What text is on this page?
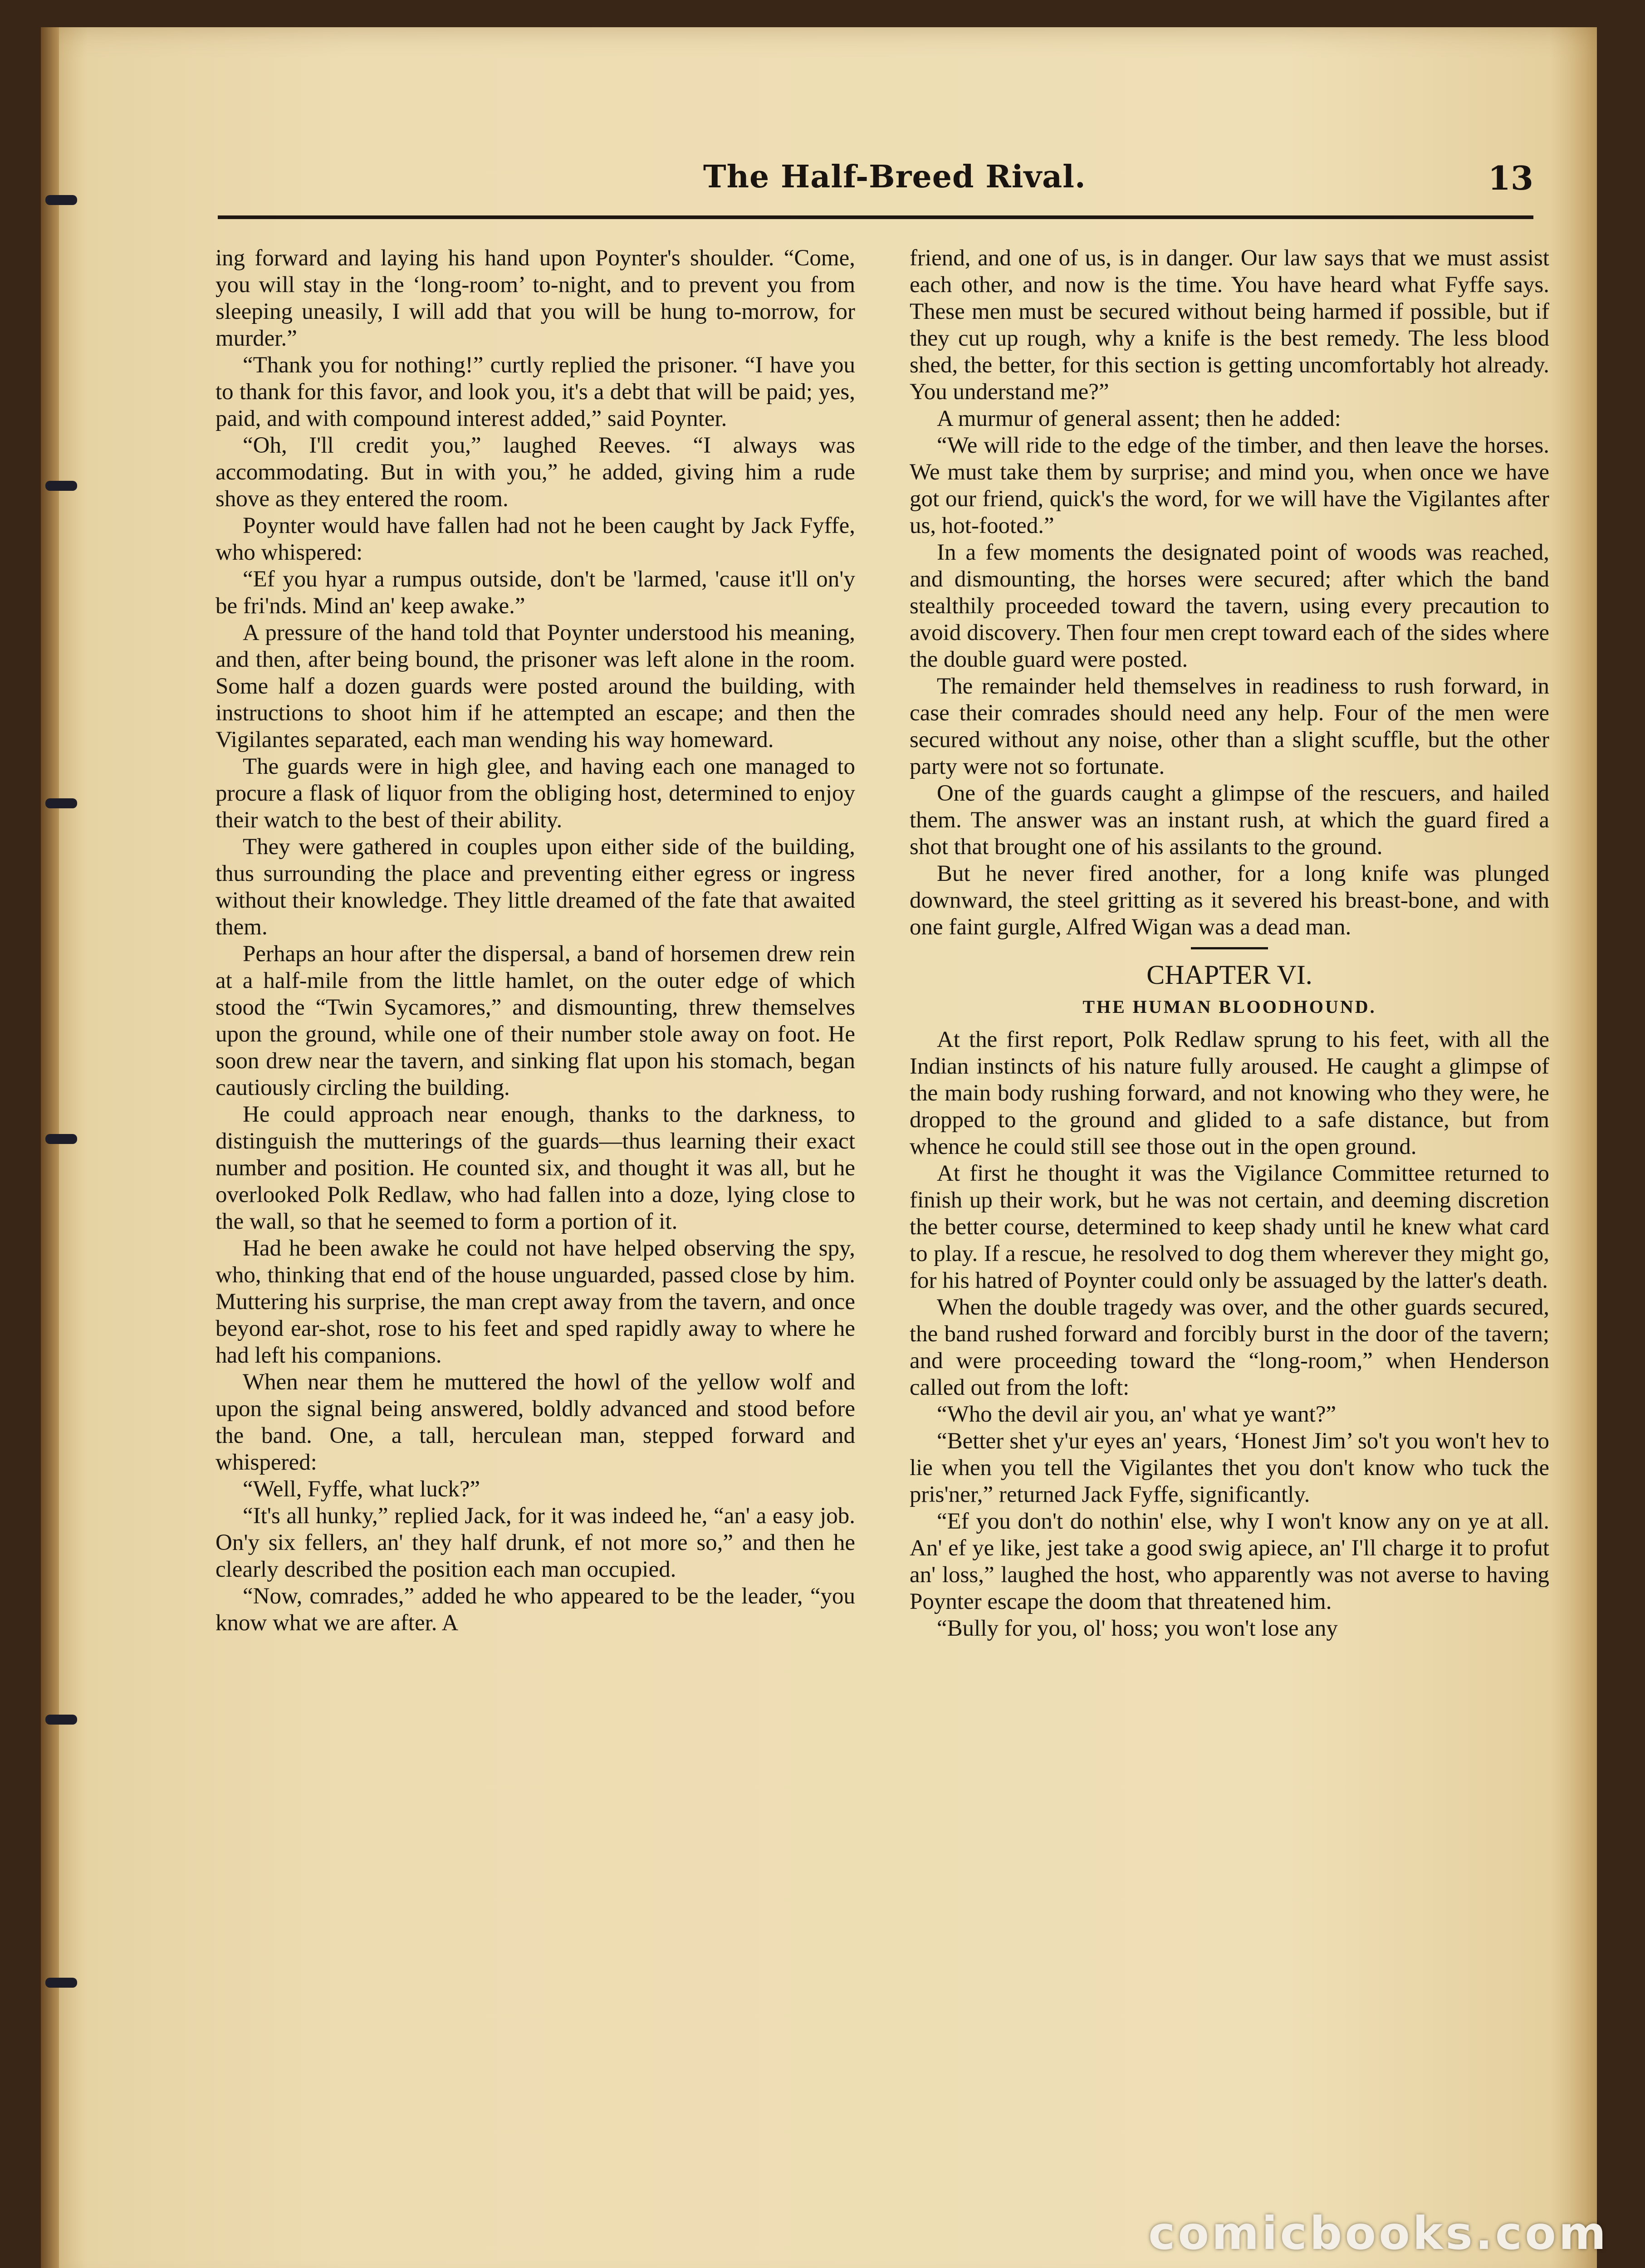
The Half-Breed Rival.	13

ing forward and laying his hand upon Poynter's shoulder. “Come, you will stay in the ‘long-room’ to-night, and to prevent you from sleeping uneasily, I will add that you will be hung to-morrow, for murder.”

“Thank you for nothing!” curtly replied the prisoner. “I have you to thank for this favor, and look you, it's a debt that will be paid; yes, paid, and with compound interest added,” said Poynter.

“Oh, I'll credit you,” laughed Reeves. “I always was accommodating. But in with you,” he added, giving him a rude shove as they entered the room.

Poynter would have fallen had not he been caught by Jack Fyffe, who whispered:

“Ef you hyar a rumpus outside, don't be 'larmed, 'cause it'll on'y be fri'nds. Mind an' keep awake.”

A pressure of the hand told that Poynter understood his meaning, and then, after being bound, the prisoner was left alone in the room. Some half a dozen guards were posted around the building, with instructions to shoot him if he attempted an escape; and then the Vigilantes separated, each man wending his way homeward.

The guards were in high glee, and having each one managed to procure a flask of liquor from the obliging host, determined to enjoy their watch to the best of their ability.

They were gathered in couples upon either side of the building, thus surrounding the place and preventing either egress or ingress without their knowledge. They little dreamed of the fate that awaited them.

Perhaps an hour after the dispersal, a band of horsemen drew rein at a half-mile from the little hamlet, on the outer edge of which stood the “Twin Sycamores,” and dismounting, threw themselves upon the ground, while one of their number stole away on foot. He soon drew near the tavern, and sinking flat upon his stomach, began cautiously circling the building.

He could approach near enough, thanks to the darkness, to distinguish the mutterings of the guards—thus learning their exact number and position. He counted six, and thought it was all, but he overlooked Polk Redlaw, who had fallen into a doze, lying close to the wall, so that he seemed to form a portion of it.

Had he been awake he could not have helped observing the spy, who, thinking that end of the house unguarded, passed close by him. Muttering his surprise, the man crept away from the tavern, and once beyond ear-shot, rose to his feet and sped rapidly away to where he had left his companions.

When near them he muttered the howl of the yellow wolf and upon the signal being answered, boldly advanced and stood before the band. One, a tall, herculean man, stepped forward and whispered:

“Well, Fyffe, what luck?”

“It's all hunky,” replied Jack, for it was indeed he, “an' a easy job. On'y six fellers, an' they half drunk, ef not more so,” and then he clearly described the position each man occupied.

“Now, comrades,” added he who appeared to be the leader, “you know what we are after. A

friend, and one of us, is in danger. Our law says that we must assist each other, and now is the time. You have heard what Fyffe says. These men must be secured without being harmed if possible, but if they cut up rough, why a knife is the best remedy. The less blood shed, the better, for this section is getting uncomfortably hot already. You understand me?”

A murmur of general assent; then he added:

“We will ride to the edge of the timber, and then leave the horses. We must take them by surprise; and mind you, when once we have got our friend, quick's the word, for we will have the Vigilantes after us, hot-footed.”

In a few moments the designated point of woods was reached, and dismounting, the horses were secured; after which the band stealthily proceeded toward the tavern, using every precaution to avoid discovery. Then four men crept toward each of the sides where the double guard were posted.

The remainder held themselves in readiness to rush forward, in case their comrades should need any help. Four of the men were secured without any noise, other than a slight scuffle, but the other party were not so fortunate.

One of the guards caught a glimpse of the rescuers, and hailed them. The answer was an instant rush, at which the guard fired a shot that brought one of his assilants to the ground.

But he never fired another, for a long knife was plunged downward, the steel gritting as it severed his breast-bone, and with one faint gurgle, Alfred Wigan was a dead man.

CHAPTER VI.
THE HUMAN BLOODHOUND.

At the first report, Polk Redlaw sprung to his feet, with all the Indian instincts of his nature fully aroused. He caught a glimpse of the main body rushing forward, and not knowing who they were, he dropped to the ground and glided to a safe distance, but from whence he could still see those out in the open ground.

At first he thought it was the Vigilance Committee returned to finish up their work, but he was not certain, and deeming discretion the better course, determined to keep shady until he knew what card to play. If a rescue, he resolved to dog them wherever they might go, for his hatred of Poynter could only be assuaged by the latter's death.

When the double tragedy was over, and the other guards secured, the band rushed forward and forcibly burst in the door of the tavern; and were proceeding toward the “long-room,” when Henderson called out from the loft:

“Who the devil air you, an' what ye want?”

“Better shet y'ur eyes an' years, ‘Honest Jim’ so't you won't hev to lie when you tell the Vigilantes thet you don't know who tuck the pris'ner,” returned Jack Fyffe, significantly.

“Ef you don't do nothin' else, why I won't know any on ye at all. An' ef ye like, jest take a good swig apiece, an' I'll charge it to profut an' loss,” laughed the host, who apparently was not averse to having Poynter escape the doom that threatened him.

“Bully for you, ol' hoss; you won't lose any

comicbooks.com
